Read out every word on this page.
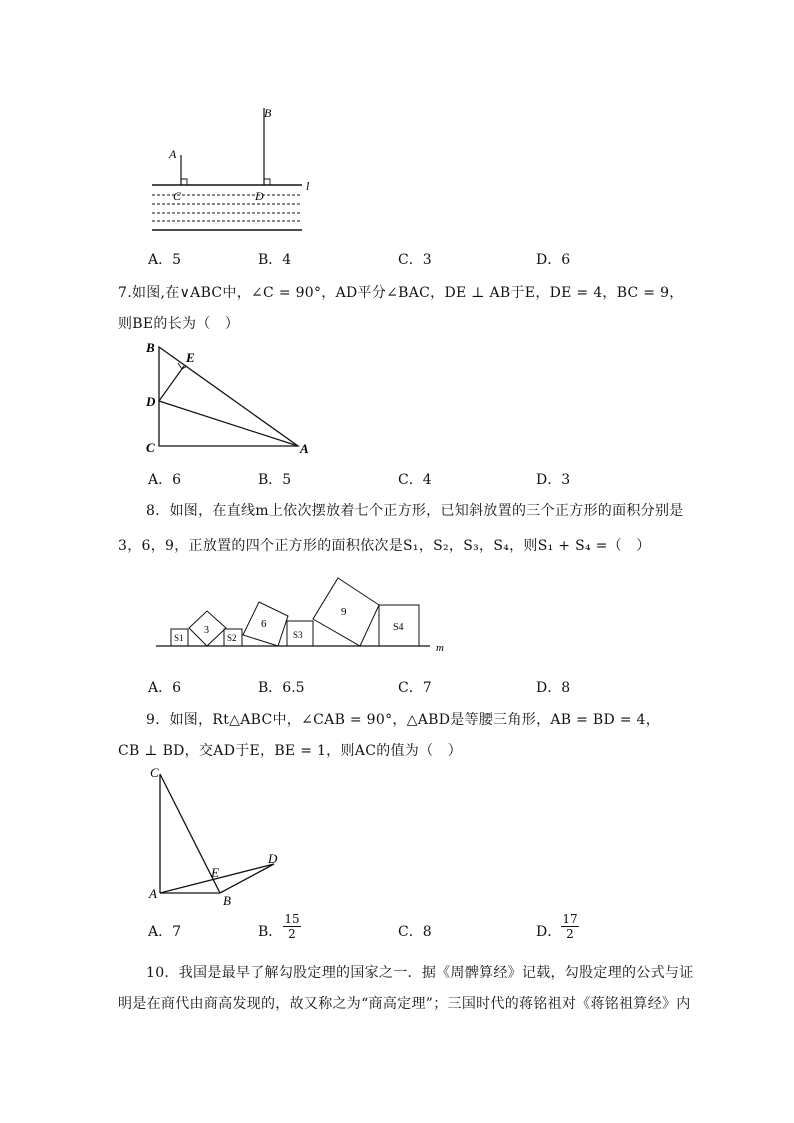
A
B
C	D
l
A．5	B．4	C．3	D．6
7.如图,在∨ABC中，∠C = 90°，AD平分∠BAC，DE ⊥ AB于E，DE = 4，BC = 9，
则BE的长为（　）
B
E
D
C	A
A．6	B．5	C．4	D．3
8．如图，在直线m上依次摆放着七个正方形，已知斜放置的三个正方形的面积分别是
3，6，9，正放置的四个正方形的面积依次是S₁，S₂，S₃，S₄，则S₁ + S₄ =（　）
S1
3
S2
6
S3
9
S4
m
A．6	B．6.5	C．7	D．8
9．如图，Rt△ABC中，∠CAB = 90°，△ABD是等腰三角形，AB = BD = 4，
CB ⊥ BD，交AD于E，BE = 1，则AC的值为（　）
C
E
D
A	B
A．7	B． $\frac{15}{2}$	C．8	D． $\frac{17}{2}$
10．我国是最早了解勾股定理的国家之一．据《周髀算经》记载，勾股定理的公式与证
明是在商代由商高发现的，故又称之为“商高定理”；三国时代的蒋铭祖对《蒋铭祖算经》内
